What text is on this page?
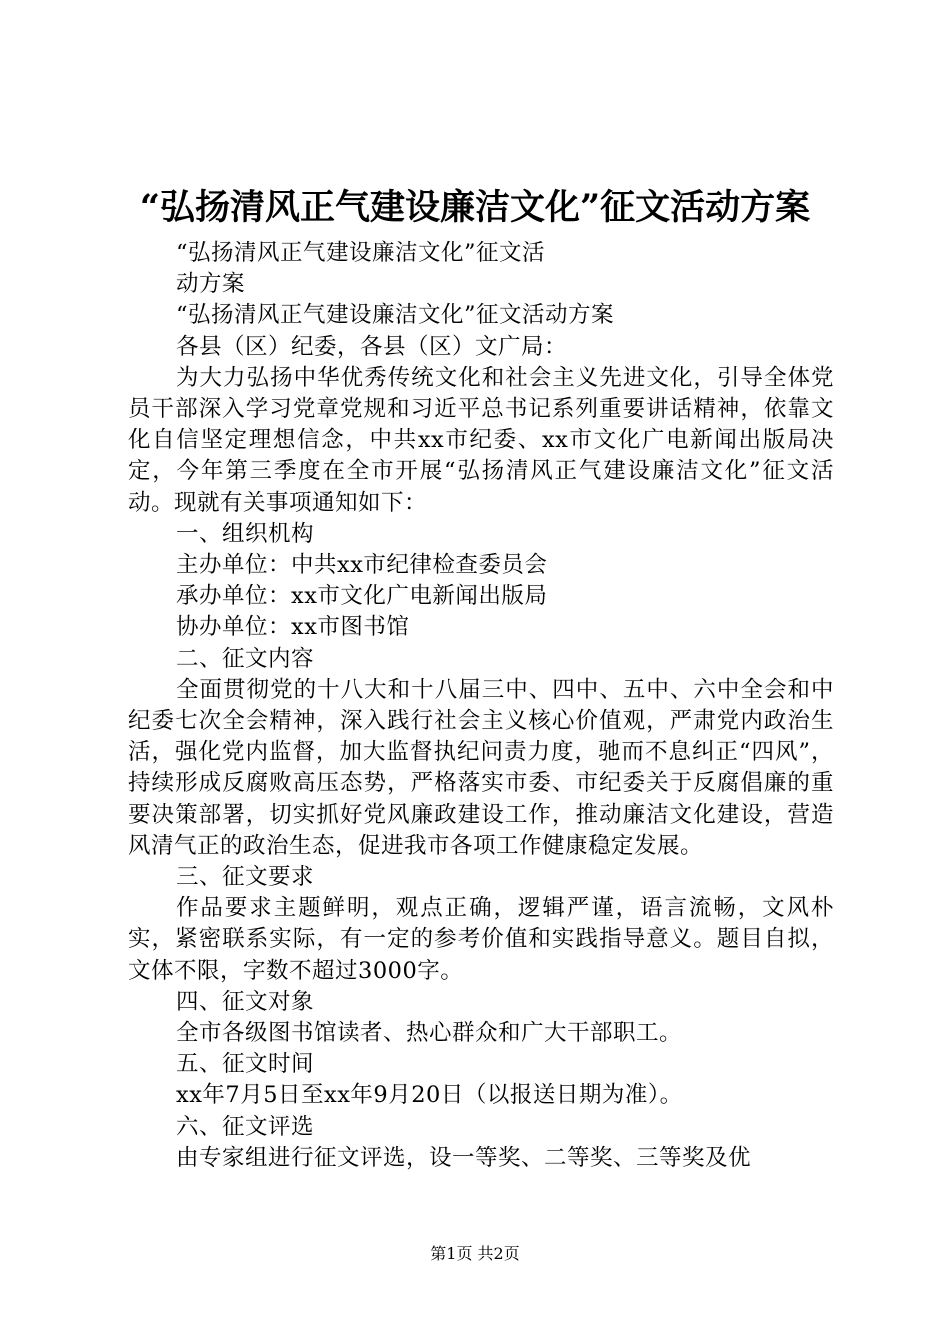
“弘扬清风正气建设廉洁文化”征文活动方案

“弘扬清风正气建设廉洁文化”征文活

动方案

“弘扬清风正气建设廉洁文化”征文活动方案

各县（区）纪委，各县（区）文广局：

为大力弘扬中华优秀传统文化和社会主义先进文化，引导全体党员干部深入学习党章党规和习近平总书记系列重要讲话精神，依靠文化自信坚定理想信念，中共xx市纪委、xx市文化广电新闻出版局决定，今年第三季度在全市开展“弘扬清风正气建设廉洁文化”征文活动。现就有关事项通知如下：

一、组织机构

主办单位：中共xx市纪律检查委员会

承办单位：xx市文化广电新闻出版局

协办单位：xx市图书馆

二、征文内容

全面贯彻党的十八大和十八届三中、四中、五中、六中全会和中纪委七次全会精神，深入践行社会主义核心价值观，严肃党内政治生活，强化党内监督，加大监督执纪问责力度，驰而不息纠正“四风”，持续形成反腐败高压态势，严格落实市委、市纪委关于反腐倡廉的重要决策部署，切实抓好党风廉政建设工作，推动廉洁文化建设，营造风清气正的政治生态，促进我市各项工作健康稳定发展。

三、征文要求

作品要求主题鲜明，观点正确，逻辑严谨，语言流畅，文风朴实，紧密联系实际，有一定的参考价值和实践指导意义。题目自拟，文体不限，字数不超过3000字。

四、征文对象

全市各级图书馆读者、热心群众和广大干部职工。

五、征文时间

xx年7月5日至xx年9月20日（以报送日期为准）。

六、征文评选

由专家组进行征文评选，设一等奖、二等奖、三等奖及优

第1页 共2页
